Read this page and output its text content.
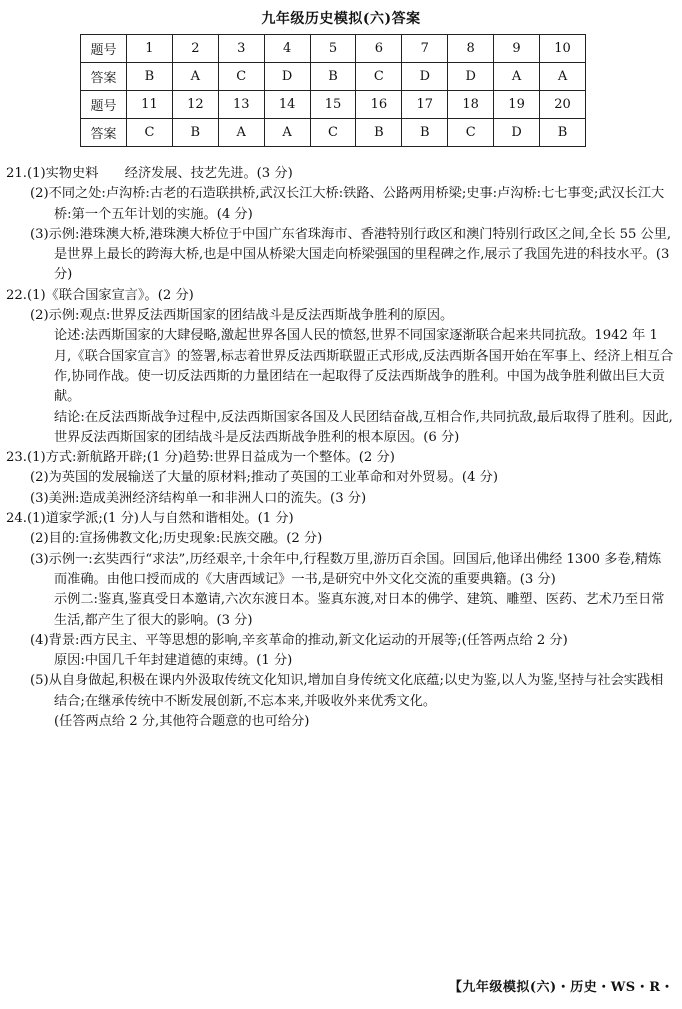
九年级历史模拟(六)答案
题号	1	2	3	4	5	6	7	8	9	10
答案	B	A	C	D	B	C	D	D	A	A
题号	11	12	13	14	15	16	17	18	19	20
答案	C	B	A	A	C	B	B	C	D	B

21.(1)实物史料　　经济发展、技艺先进。(3 分)

(2)不同之处:卢沟桥:古老的石造联拱桥,武汉长江大桥:铁路、公路两用桥梁;史事:卢沟桥:七七事变;武汉长江大桥:第一个五年计划的实施。(4 分)

(3)示例:港珠澳大桥,港珠澳大桥位于中国广东省珠海市、香港特别行政区和澳门特别行政区之间,全长 55 公里,是世界上最长的跨海大桥,也是中国从桥梁大国走向桥梁强国的里程碑之作,展示了我国先进的科技水平。(3 分)

22.(1)《联合国家宣言》。(2 分)

(2)示例:观点:世界反法西斯国家的团结战斗是反法西斯战争胜利的原因。

论述:法西斯国家的大肆侵略,激起世界各国人民的愤怒,世界不同国家逐渐联合起来共同抗敌。1942 年 1 月,《联合国家宣言》的签署,标志着世界反法西斯联盟正式形成,反法西斯各国开始在军事上、经济上相互合作,协同作战。使一切反法西斯的力量团结在一起取得了反法西斯战争的胜利。中国为战争胜利做出巨大贡献。

结论:在反法西斯战争过程中,反法西斯国家各国及人民团结奋战,互相合作,共同抗敌,最后取得了胜利。因此,世界反法西斯国家的团结战斗是反法西斯战争胜利的根本原因。(6 分)

23.(1)方式:新航路开辟;(1 分)趋势:世界日益成为一个整体。(2 分)

(2)为英国的发展输送了大量的原材料;推动了英国的工业革命和对外贸易。(4 分)

(3)美洲:造成美洲经济结构单一和非洲人口的流失。(3 分)

24.(1)道家学派;(1 分)人与自然和谐相处。(1 分)

(2)目的:宣扬佛教文化;历史现象:民族交融。(2 分)

(3)示例一:玄奘西行“求法”,历经艰辛,十余年中,行程数万里,游历百余国。回国后,他译出佛经 1300 多卷,精炼而准确。由他口授而成的《大唐西域记》一书,是研究中外文化交流的重要典籍。(3 分)

示例二:鉴真,鉴真受日本邀请,六次东渡日本。鉴真东渡,对日本的佛学、建筑、雕塑、医药、艺术乃至日常生活,都产生了很大的影响。(3 分)

(4)背景:西方民主、平等思想的影响,辛亥革命的推动,新文化运动的开展等;(任答两点给 2 分)

原因:中国几千年封建道德的束缚。(1 分)

(5)从自身做起,积极在课内外汲取传统文化知识,增加自身传统文化底蕴;以史为鉴,以人为鉴,坚持与社会实践相结合;在继承传统中不断发展创新,不忘本来,并吸收外来优秀文化。

(任答两点给 2 分,其他符合题意的也可给分)

【九年级模拟(六)・历史・WS・R・
